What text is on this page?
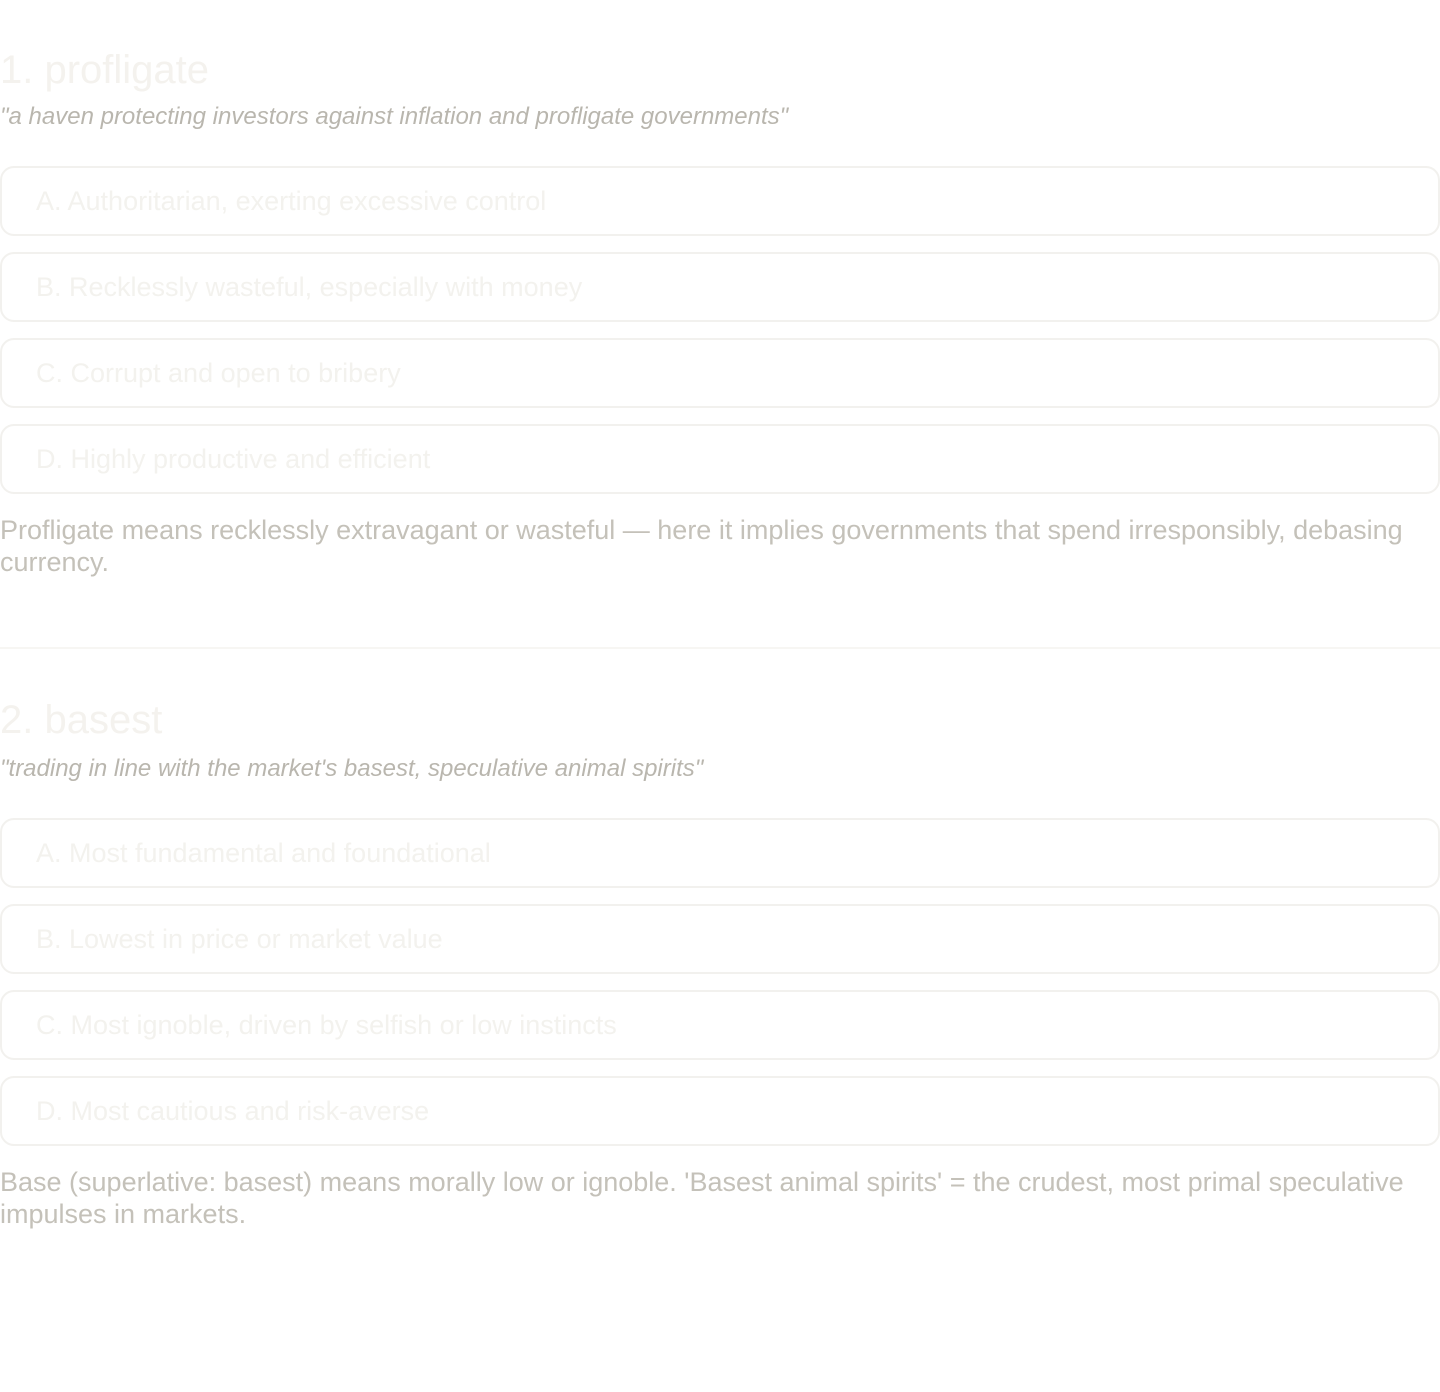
1. profligate

"a haven protecting investors against inflation and profligate governments"

A. Authoritarian, exerting excessive control
B. Recklessly wasteful, especially with money
C. Corrupt and open to bribery
D. Highly productive and efficient

Profligate means recklessly extravagant or wasteful — here it implies governments that spend irresponsibly, debasing currency.

2. basest

"trading in line with the market's basest, speculative animal spirits"

A. Most fundamental and foundational
B. Lowest in price or market value
C. Most ignoble, driven by selfish or low instincts
D. Most cautious and risk-averse

Base (superlative: basest) means morally low or ignoble. 'Basest animal spirits' = the crudest, most primal speculative impulses in markets.
